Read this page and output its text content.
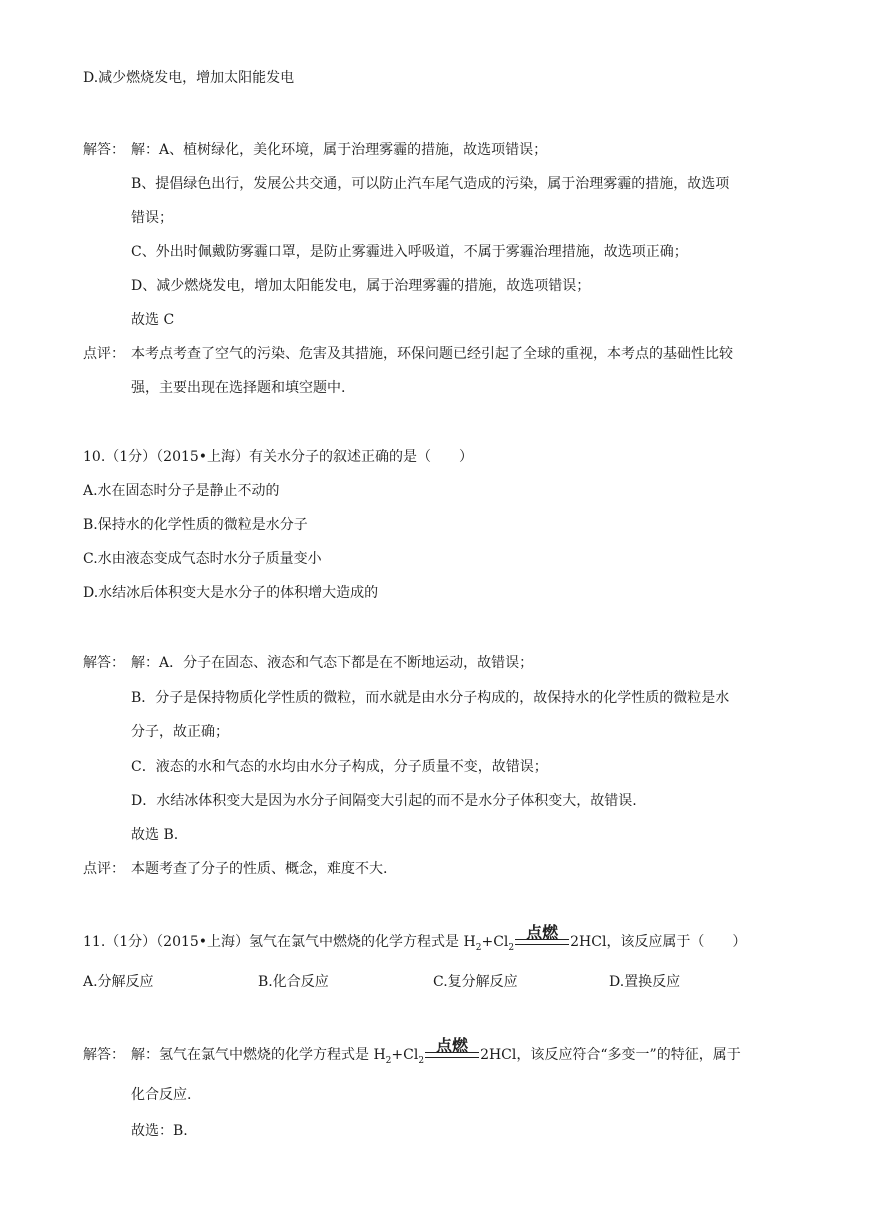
D.减少燃烧发电，增加太阳能发电
解答： 解：A、植树绿化，美化环境，属于治理雾霾的措施，故选项错误；
B、提倡绿色出行，发展公共交通，可以防止汽车尾气造成的污染，属于治理雾霾的措施，故选项
错误；
C、外出时佩戴防雾霾口罩，是防止雾霾进入呼吸道，不属于雾霾治理措施，故选项正确；
D、减少燃烧发电，增加太阳能发电，属于治理雾霾的措施，故选项错误；
故选 C
点评： 本考点考查了空气的污染、危害及其措施，环保问题已经引起了全球的重视，本考点的基础性比较
强，主要出现在选择题和填空题中.
10.（1分）（2015•上海）有关水分子的叙述正确的是（　　）
A.水在固态时分子是静止不动的
B.保持水的化学性质的微粒是水分子
C.水由液态变成气态时水分子质量变小
D.水结冰后体积变大是水分子的体积增大造成的
解答： 解：A．分子在固态、液态和气态下都是在不断地运动，故错误；
B．分子是保持物质化学性质的微粒，而水就是由水分子构成的，故保持水的化学性质的微粒是水
分子，故正确；
C．液态的水和气态的水均由水分子构成，分子质量不变，故错误；
D．水结冰体积变大是因为水分子间隔变大引起的而不是水分子体积变大，故错误.
故选 B.
点评： 本题考查了分子的性质、概念，难度不大.
11.（1分）（2015•上海）氢气在氯气中燃烧的化学方程式是 $H_2+Cl_2$
点燃 2HCl，该反应属于（　　）
A.分解反应	B.化合反应	C.复分解反应	D.置换反应
解答： 解：氢气在氯气中燃烧的化学方程式是 $H_2+Cl_2$
点燃 2HCl，该反应符合“多变一”的特征，属于
化合反应.
故选：B.
